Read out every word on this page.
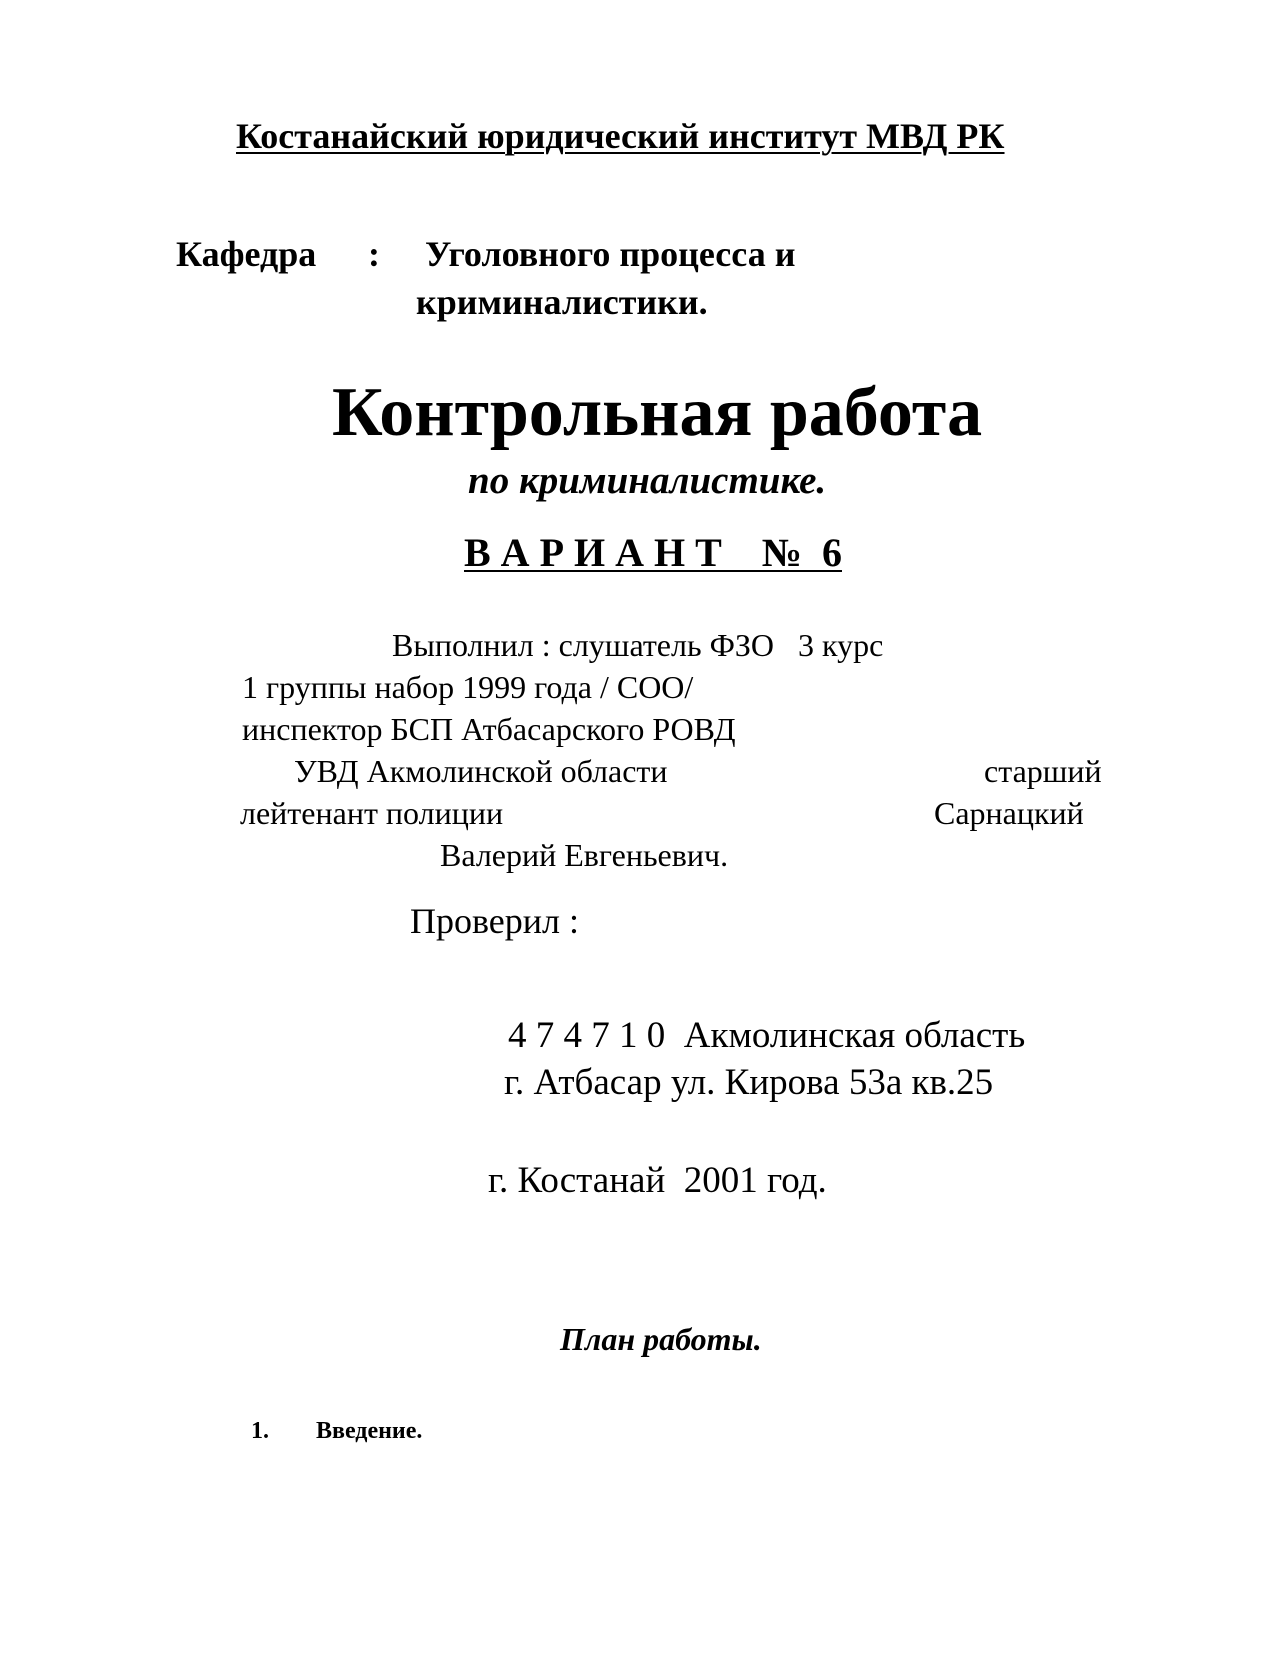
Костанайский юридический институт МВД РК
Кафедра : Уголовного процесса и
криминалистики.
Контрольная работа
по криминалистике.
В А Р И А Н Т    №  6
Выполнил : слушатель ФЗО   3 курс
1 группы набор 1999 года / СОО/
инспектор БСП Атбасарского РОВД
УВД Акмолинской области	старший
лейтенант полиции	Сарнацкий
Валерий Евгеньевич.
Проверил :
4 7 4 7 1 0  Акмолинская область
г. Атбасар ул. Кирова 53а кв.25
г. Костанай  2001 год.
План работы.
1. Введение.
